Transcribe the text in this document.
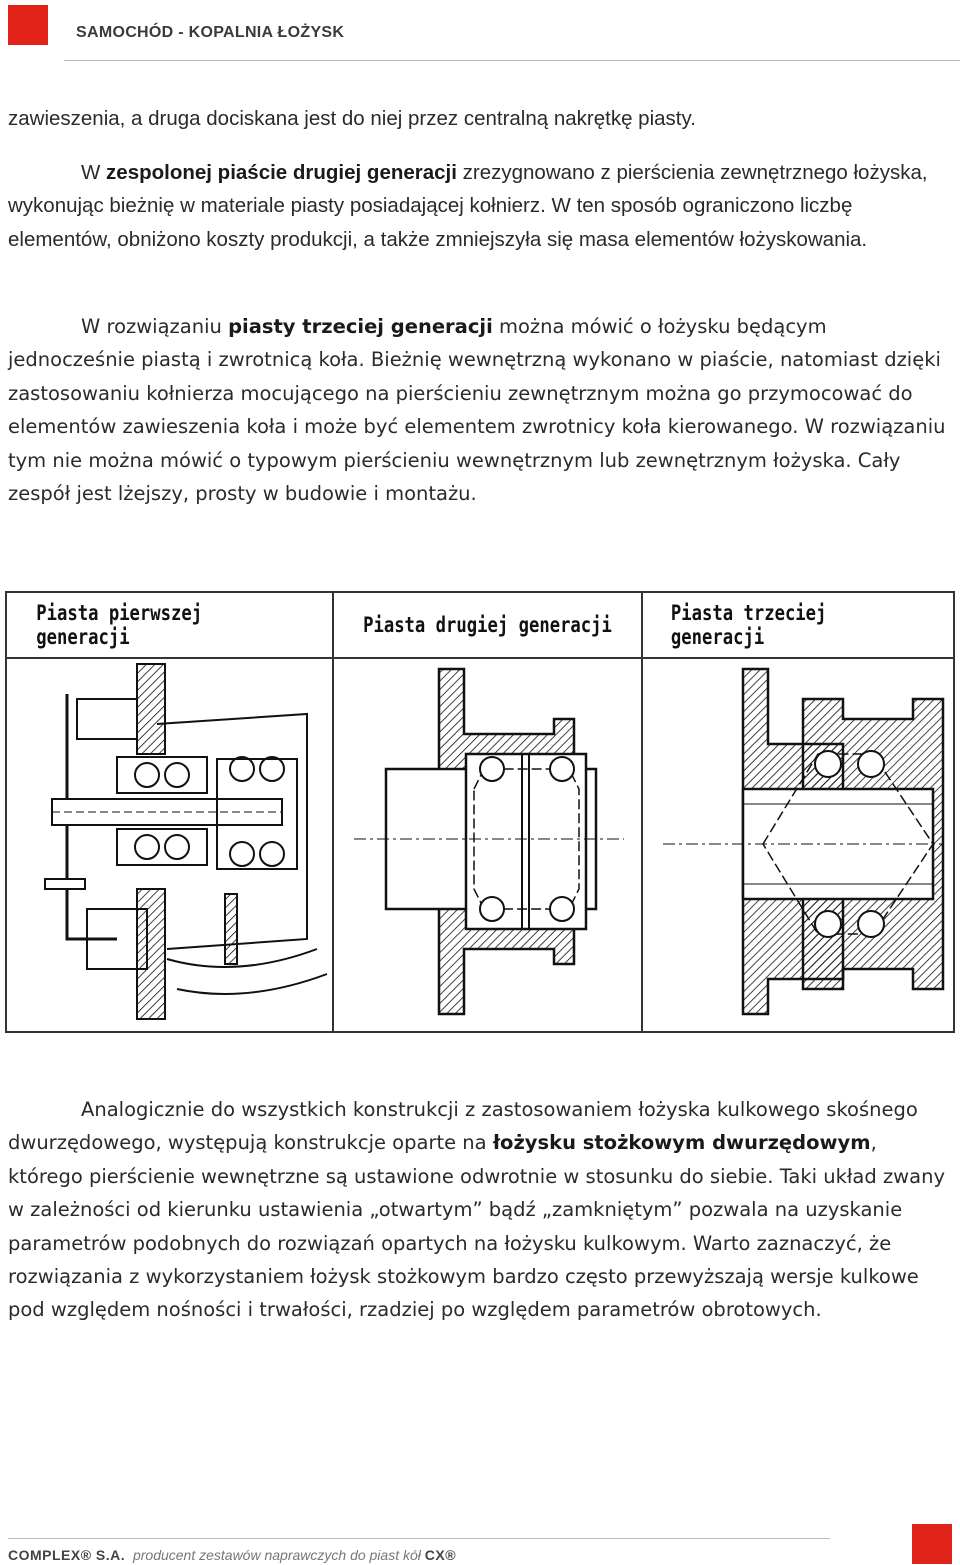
SAMOCHÓD - KOPALNIA ŁOŻYSK

zawieszenia, a druga dociskana jest do niej przez centralną nakrętkę piasty.

W zespolonej piaście drugiej generacji zrezygnowano z pierścienia zewnętrznego łożyska, wykonując bieżnię w materiale piasty posiadającej kołnierz. W ten sposób ograniczono liczbę elementów, obniżono koszty produkcji, a także zmniejszyła się masa elementów łożyskowania.

W rozwiązaniu piasty trzeciej generacji można mówić o łożysku będącym jednocześnie piastą i zwrotnicą koła. Bieżnię wewnętrzną wykonano w piaście, natomiast dzięki zastosowaniu kołnierza mocującego na pierścieniu zewnętrznym można go przymocować do elementów zawieszenia koła i może być elementem zwrotnicy koła kierowanego. W rozwiązaniu tym nie można mówić o typowym pierścieniu wewnętrznym lub zewnętrznym łożyska. Cały zespół jest lżejszy, prosty w budowie i montażu.

Piasta pierwszej generacji	Piasta drugiej generacji	Piasta trzeciej generacji

Analogicznie do wszystkich konstrukcji z zastosowaniem łożyska kulkowego skośnego dwurzędowego, występują konstrukcje oparte na łożysku stożkowym dwurzędowym, którego pierścienie wewnętrzne są ustawione odwrotnie w stosunku do siebie. Taki układ zwany w zależności od kierunku ustawienia „otwartym” bądź „zamkniętym” pozwala na uzyskanie parametrów podobnych do rozwiązań opartych na łożysku kulkowym. Warto zaznaczyć, że rozwiązania z wykorzystaniem łożysk stożkowym bardzo często przewyższają wersje kulkowe pod względem nośności i trwałości, rzadziej po względem parametrów obrotowych.

COMPLEX® S.A. producent zestawów naprawczych do piast kół CX®
